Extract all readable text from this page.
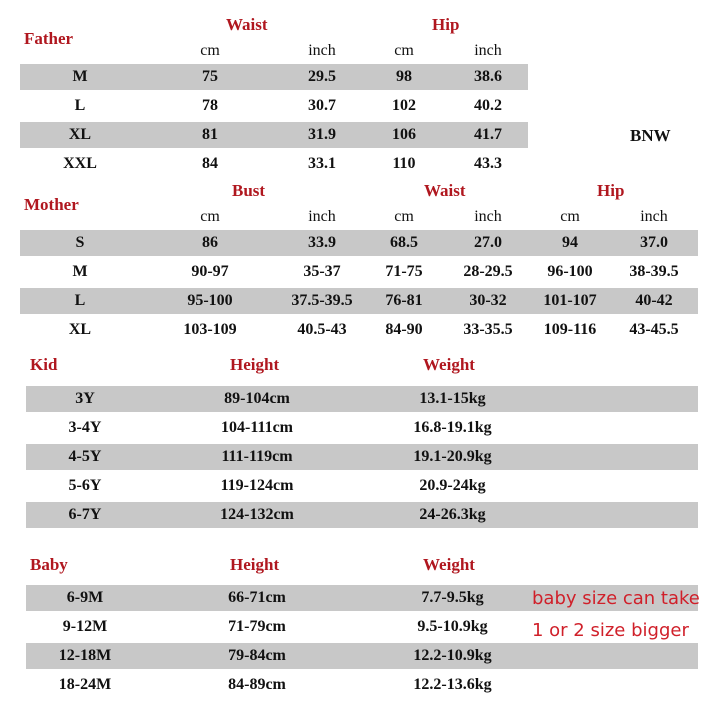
Father
Waist	Hip
cm	inch	cm	inch
BNW
M	75	29.5	98	38.6
L	78	30.7	102	40.2
XL	81	31.9	106	41.7
XXL	84	33.1	110	43.3
Mother
Bust	Waist	Hip
cm	inch	cm	inch	cm	inch
S	86	33.9	68.5	27.0	94	37.0
M	90-97	35-37	71-75	28-29.5	96-100	38-39.5
L	95-100	37.5-39.5	76-81	30-32	101-107	40-42
XL	103-109	40.5-43	84-90	33-35.5	109-116	43-45.5
Kid	Height	Weight
3Y	89-104cm	13.1-15kg
3-4Y	104-111cm	16.8-19.1kg
4-5Y	111-119cm	19.1-20.9kg
5-6Y	119-124cm	20.9-24kg
6-7Y	124-132cm	24-26.3kg
Baby	Height	Weight
6-9M	66-71cm	7.7-9.5kg
9-12M	71-79cm	9.5-10.9kg
12-18M	79-84cm	12.2-10.9kg
18-24M	84-89cm	12.2-13.6kg
baby size can take
1 or 2 size bigger
